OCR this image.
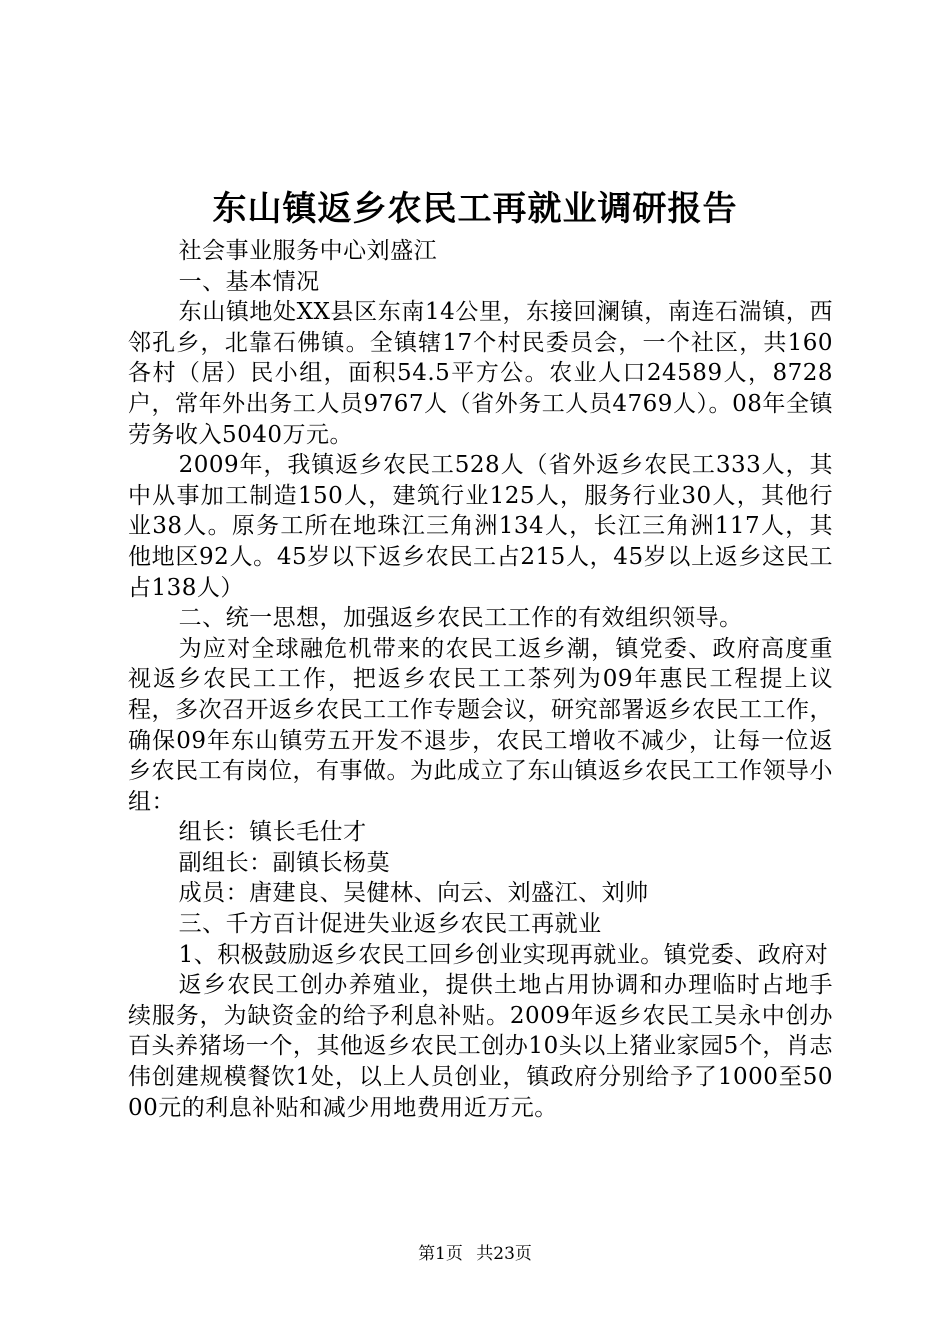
东山镇返乡农民工再就业调研报告

社会事业服务中心刘盛江

一、基本情况

东山镇地处XX县区东南14公里，东接回澜镇，南连石湍镇，西邻孔乡，北靠石佛镇。全镇辖17个村民委员会，一个社区，共160各村（居）民小组，面积54.5平方公。农业人口24589人，8728户，常年外出务工人员9767人（省外务工人员4769人）。08年全镇劳务收入5040万元。

2009年，我镇返乡农民工528人（省外返乡农民工333人，其中从事加工制造150人，建筑行业125人，服务行业30人，其他行业38人。原务工所在地珠江三角洲134人，长江三角洲117人，其他地区92人。45岁以下返乡农民工占215人，45岁以上返乡这民工占138人）

二、统一思想，加强返乡农民工工作的有效组织领导。

为应对全球融危机带来的农民工返乡潮，镇党委、政府高度重视返乡农民工工作，把返乡农民工工茶列为09年惠民工程提上议程，多次召开返乡农民工工作专题会议，研究部署返乡农民工工作，确保09年东山镇劳五开发不退步，农民工增收不减少，让每一位返乡农民工有岗位，有事做。为此成立了东山镇返乡农民工工作领导小组：

组长：镇长毛仕才

副组长：副镇长杨莫

成员：唐建良、吴健林、向云、刘盛江、刘帅

三、千方百计促进失业返乡农民工再就业

1、积极鼓励返乡农民工回乡创业实现再就业。镇党委、政府对

返乡农民工创办养殖业，提供土地占用协调和办理临时占地手续服务，为缺资金的给予利息补贴。2009年返乡农民工吴永中创办百头养猪场一个，其他返乡农民工创办10头以上猪业家园5个，肖志伟创建规模餐饮1处，以上人员创业，镇政府分别给予了1000至5000元的利息补贴和减少用地费用近万元。

第1页 共23页
